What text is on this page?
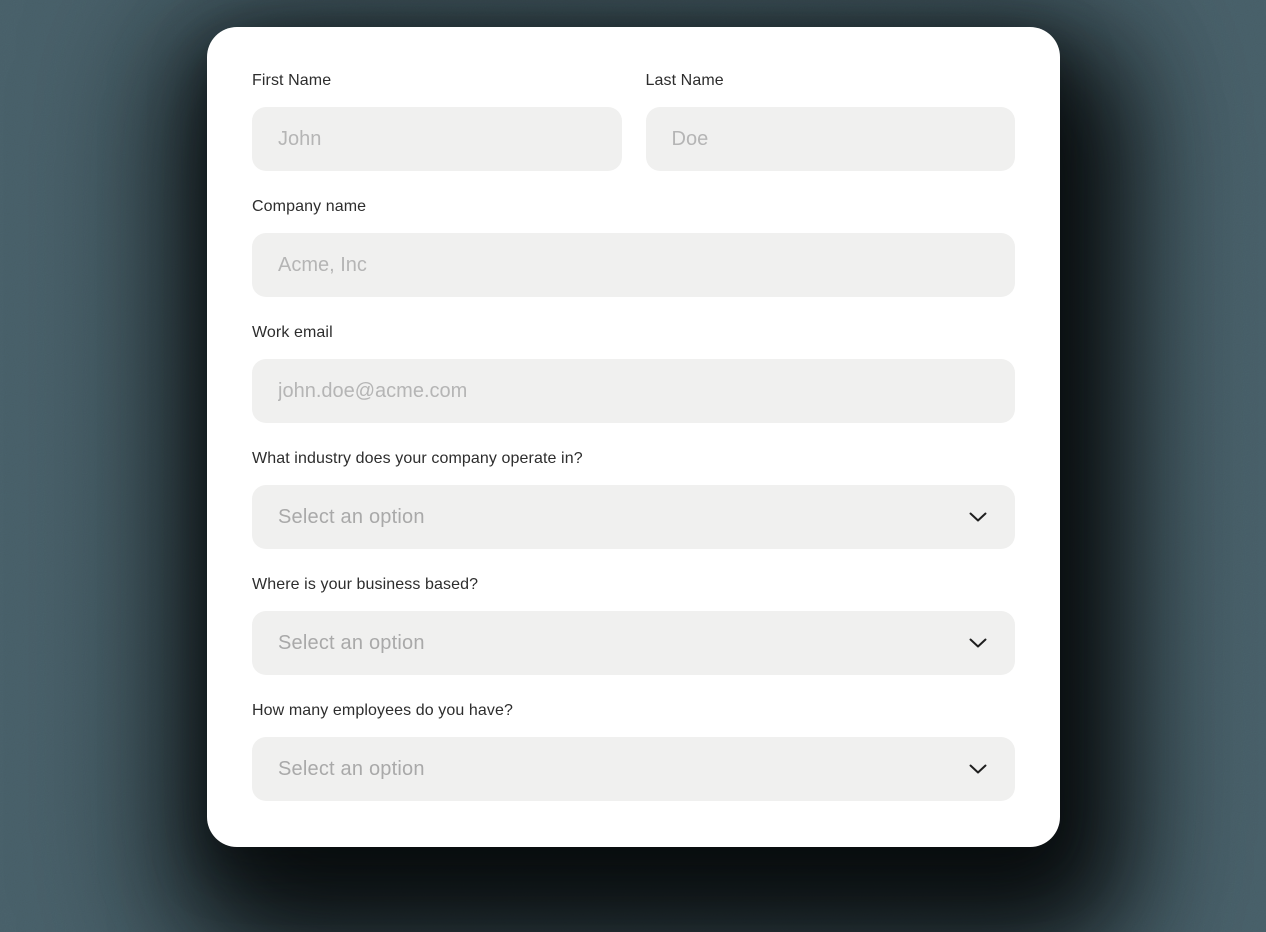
First Name
John	Last Name
Doe
Company name
Acme, Inc
Work email
john.doe@acme.com
What industry does your company operate in?
Select an option
Where is your business based?
Select an option
How many employees do you have?
Select an option
